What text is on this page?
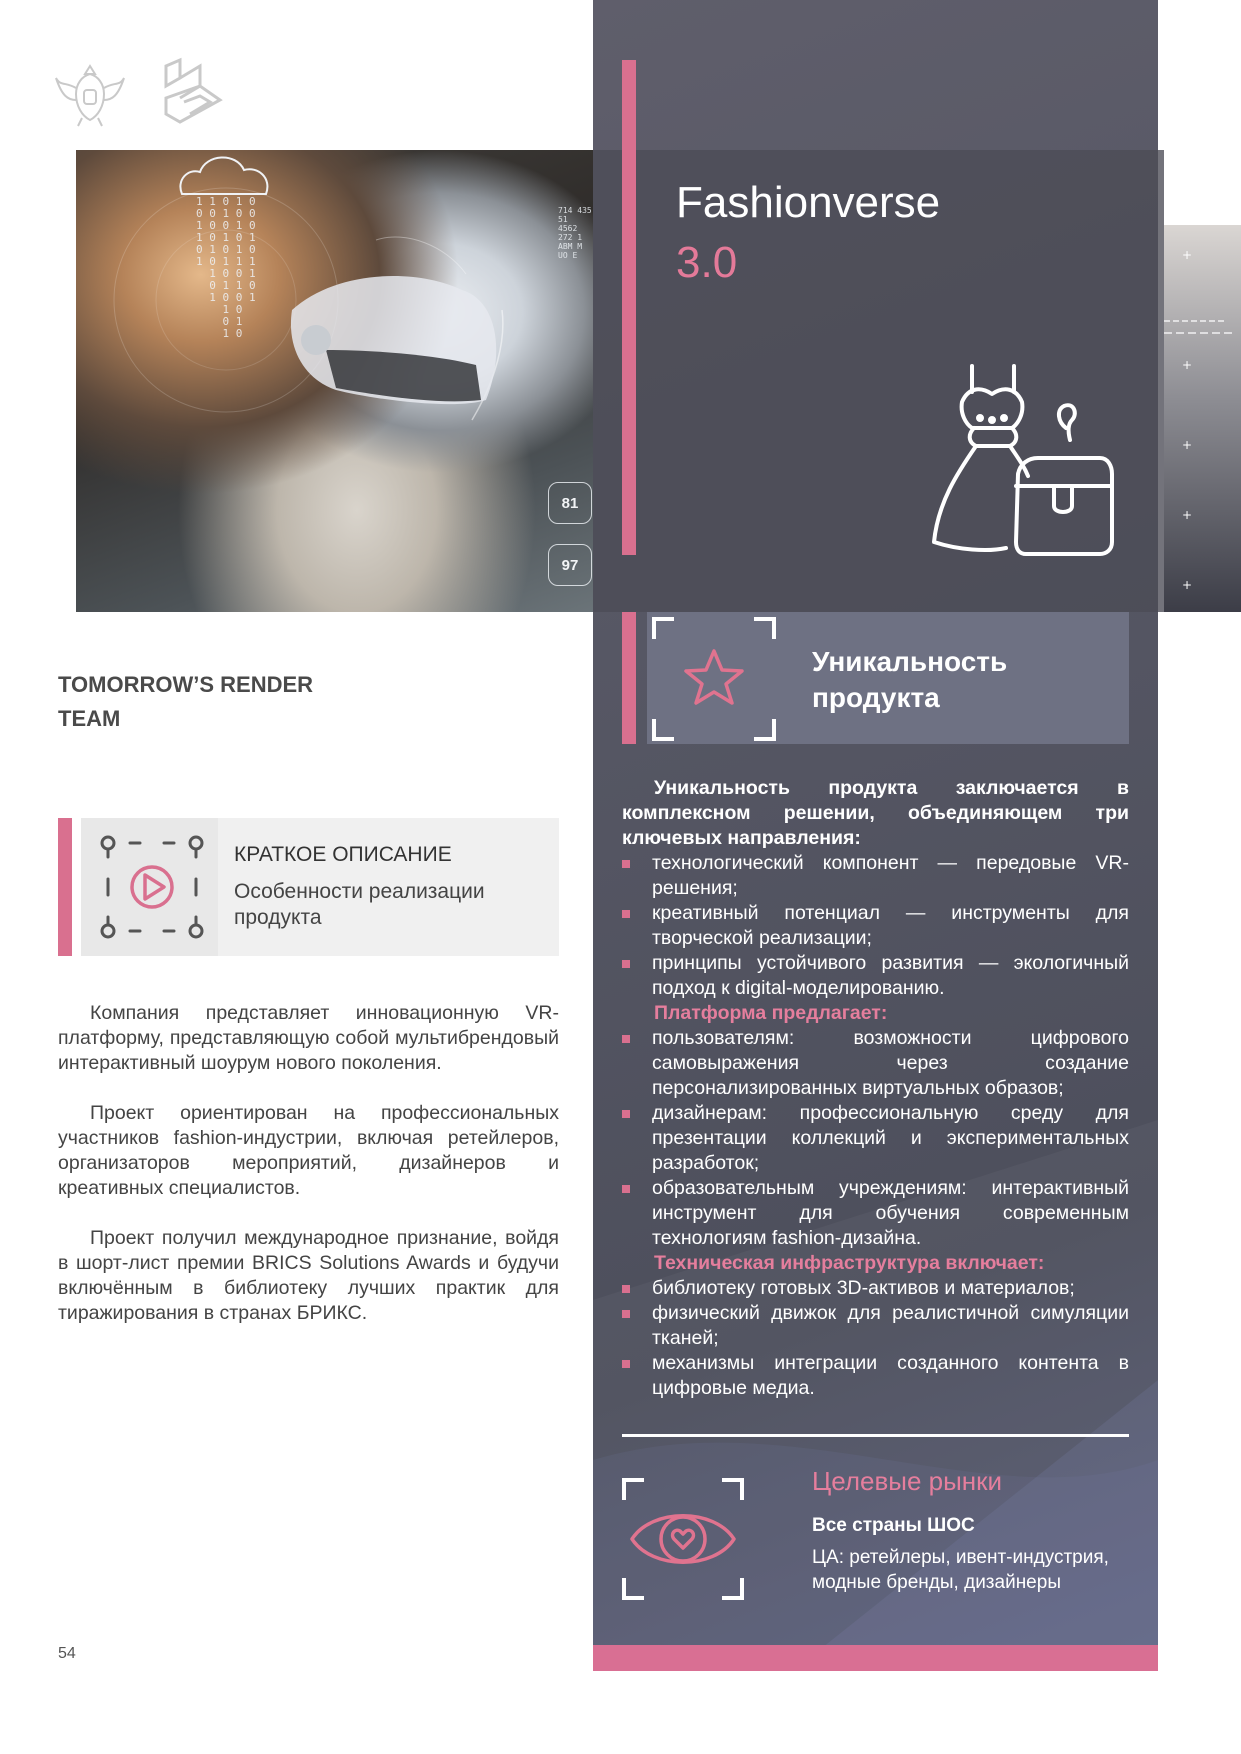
1 1 0 1 0
0 0 1 0 0
1 0 0 1 0
1 0 1 0 1
0 1 0 1 0
1 0 1 1 1
1 0 0 1
0 1 1 0
1 0 0 1
1 0
0 1
1 0
714 435 51
4562 272 1
ABM M UO E
81
97
+
+
+
+
+
Fashionverse
3.0
Уникальность продукта

Уникальность продукта заключается в комплексном решении, объединяющем три ключевых направления:

технологический компонент — передовые VR-решения;

креативный потенциал — инструменты для творческой реализации;

принципы устойчивого развития — экологичный подход к digital-моделированию.

Платформа предлагает:

пользователям: возможности цифрового самовыражения через создание персонализированных виртуальных образов;

дизайнерам: профессиональную среду для презентации коллекций и экспериментальных разработок;

образовательным учреждениям: интерактивный инструмент для обучения современным технологиям fashion-дизайна.

Техническая инфраструктура включает:

библиотеку готовых 3D-активов и материалов;

физический движок для реалистичной симуляции тканей;

механизмы интеграции созданного контента в цифровые медиа.

Целевые рынки
Все страны ШОС
ЦА: ретейлеры, ивент-индустрия, модные бренды, дизайнеры
TOMORROW’S RENDER
TEAM
КРАТКОЕ ОПИСАНИЕ
Особенности реализации продукта

Компания представляет инновационную VR-платформу, представляющую собой мультибрендовый интерактивный шоурум нового поколения.

Проект ориентирован на профессиональных участников fashion-индустрии, включая ретейлеров, организаторов мероприятий, дизайнеров и креативных специалистов.

Проект получил международное признание, войдя в шорт-лист премии BRICS Solutions Awards и будучи включённым в библиотеку лучших практик для тиражирования в странах БРИКС.

54
